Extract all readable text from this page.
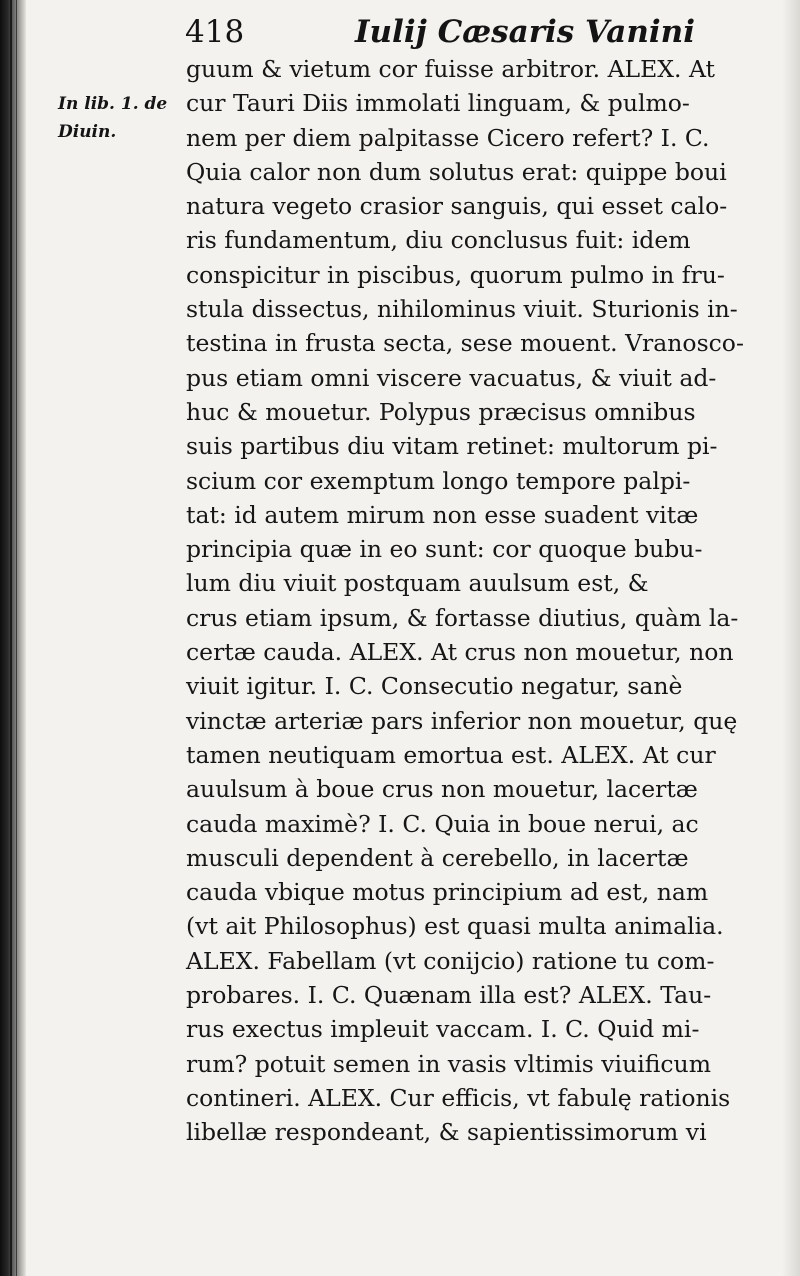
418	Iulij Cæsaris Vanini
In lib. 1. de
Diuin.
guum & vietum cor fuisse arbitror. ALEX. At
cur Tauri Diis immolati linguam, & pulmo-
nem per diem palpitasse Cicero refert? I. C.
Quia calor non dum solutus erat: quippe boui
natura vegeto crasior sanguis, qui esset calo-
ris fundamentum, diu conclusus fuit: idem
conspicitur in piscibus, quorum pulmo in fru-
stula dissectus, nihilominus viuit. Sturionis in-
testina in frusta secta, sese mouent. Vranosco-
pus etiam omni viscere vacuatus, & viuit ad-
huc & mouetur. Polypus præcisus omnibus
suis partibus diu vitam retinet: multorum pi-
scium cor exemptum longo tempore palpi-
tat: id autem mirum non esse suadent vitæ
principia quæ in eo sunt: cor quoque bubu-
lum diu viuit postquam auulsum est, &
crus etiam ipsum, & fortasse diutius, quàm la-
certæ cauda. ALEX. At crus non mouetur, non
viuit igitur. I. C. Consecutio negatur, sanè
vinctæ arteriæ pars inferior non mouetur, quę
tamen neutiquam emortua est. ALEX. At cur
auulsum à boue crus non mouetur, lacertæ
cauda maximè? I. C. Quia in boue nerui, ac
musculi dependent à cerebello, in lacertæ
cauda vbique motus principium ad est, nam
(vt ait Philosophus) est quasi multa animalia.
ALEX. Fabellam (vt conijcio) ratione tu com-
probares. I. C. Quænam illa est? ALEX. Tau-
rus exectus impleuit vaccam. I. C. Quid mi-
rum? potuit semen in vasis vltimis viuificum
contineri. ALEX. Cur efficis, vt fabulę rationis
libellæ respondeant, & sapientissimorum vi
